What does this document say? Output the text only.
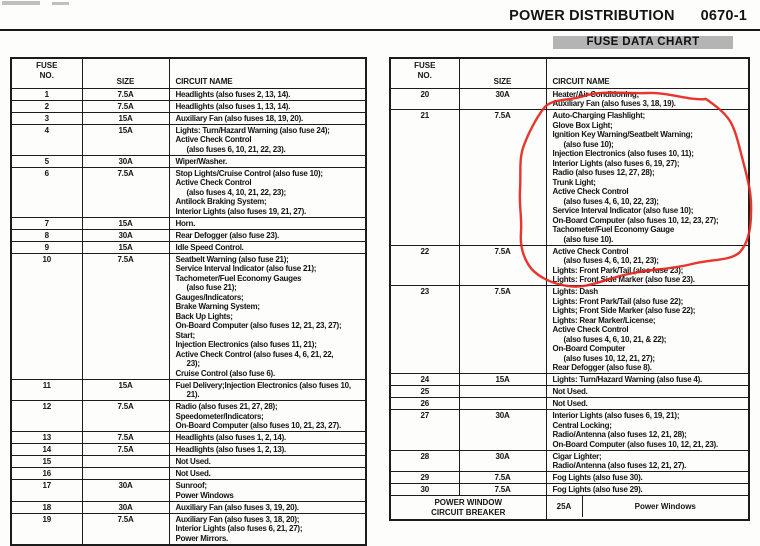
POWER DISTRIBUTION 0670-1
FUSE DATA CHART
FUSE
NO.	SIZE	CIRCUIT NAME
1	7.5A	Headlights (also fuses 2, 13, 14).

2	7.5A	Headlights (also fuses 1, 13, 14).

3	15A	Auxiliary Fan (also fuses 18, 19, 20).

4	15A	Lights: Turn/Hazard Warning (also fuse 24);
Active Check Control
(also fuses 6, 10, 21, 22, 23).

5	30A	Wiper/Washer.

6	7.5A	Stop Lights/Cruise Control (also fuse 10);
Active Check Control
(also fuses 4, 10, 21, 22, 23);
Antilock Braking System;
Interior Lights (also fuses 19, 21, 27).

7	15A	Horn.

8	30A	Rear Defogger (also fuse 23).

9	15A	Idle Speed Control.

10	7.5A	Seatbelt Warning (also fuse 21);
Service Interval Indicator (also fuse 21);
Tachometer/Fuel Economy Gauges
(also fuse 21);
Gauges/Indicators;
Brake Warning System;
Back Up Lights;
On-Board Computer (also fuses 12, 21, 23, 27);
Start;
Injection Electronics (also fuses 11, 21);
Active Check Control (also fuses 4, 6, 21, 22,
23);
Cruise Control (also fuse 6).

11	15A	Fuel Delivery;Injection Electronics (also fuses 10,
21).

12	7.5A	Radio (also fuses 21, 27, 28);
Speedometer/Indicators;
On-Board Computer (also fuses 10, 21, 23, 27).

13	7.5A	Headlights (also fuses 1, 2, 14).

14	7.5A	Headlights (also fuses 1, 2, 13).

15		Not Used.

16		Not Used.

17	30A	Sunroof;
Power Windows

18	30A	Auxiliary Fan (also fuses 3, 19, 20).

19	7.5A	Auxiliary Fan (also fuses 3, 18, 20);
Interior Lights (also fuses 6, 21, 27);
Power Mirrors.
FUSE
NO.	SIZE	CIRCUIT NAME
20	30A	Heater/Air Conditioning;
Auxiliary Fan (also fuses 3, 18, 19).

21	7.5A	Auto-Charging Flashlight;
Glove Box Light;
Ignition Key Warning/Seatbelt Warning;
(also fuse 10);
Injection Electronics (also fuses 10, 11);
Interior Lights (also fuses 6, 19, 27);
Radio (also fuses 12, 27, 28);
Trunk Light;
Active Check Control
(also fuses 4, 6, 10, 22, 23);
Service Interval Indicator (also fuse 10);
On-Board Computer (also fuses 10, 12, 23, 27);
Tachometer/Fuel Economy Gauge
(also fuse 10).

22	7.5A	Active Check Control
(also fuses 4, 6, 10, 21, 23);
Lights: Front Park/Tail (also fuse 23);
Lights: Front Side Marker (also fuse 23).

23	7.5A	Lights: Dash
Lights: Front Park/Tail (also fuse 22);
Lights; Front Side Marker (also fuse 22);
Lights: Rear Marker/License;
Active Check Control
(also fuses 4, 6, 10, 21, & 22);
On-Board Computer
(also fuses 10, 12, 21, 27);
Rear Defogger (also fuse 8).

24	15A	Lights: Turn/Hazard Warning (also fuse 4).

25		Not Used.

26		Not Used.

27	30A	Interior Lights (also fuses 6, 19, 21);
Central Locking;
Radio/Antenna (also fuses 12, 21, 28);
On-Board Computer (also fuses 10, 12, 21, 23).

28	30A	Cigar Lighter;
Radio/Antenna (also fuses 12, 21, 27).

29	7.5A	Fog Lights (also fuse 30).

30	7.5A	Fog Lights (also fuse 29).

POWER WINDOW
CIRCUIT BREAKER

25A	Power Windows
